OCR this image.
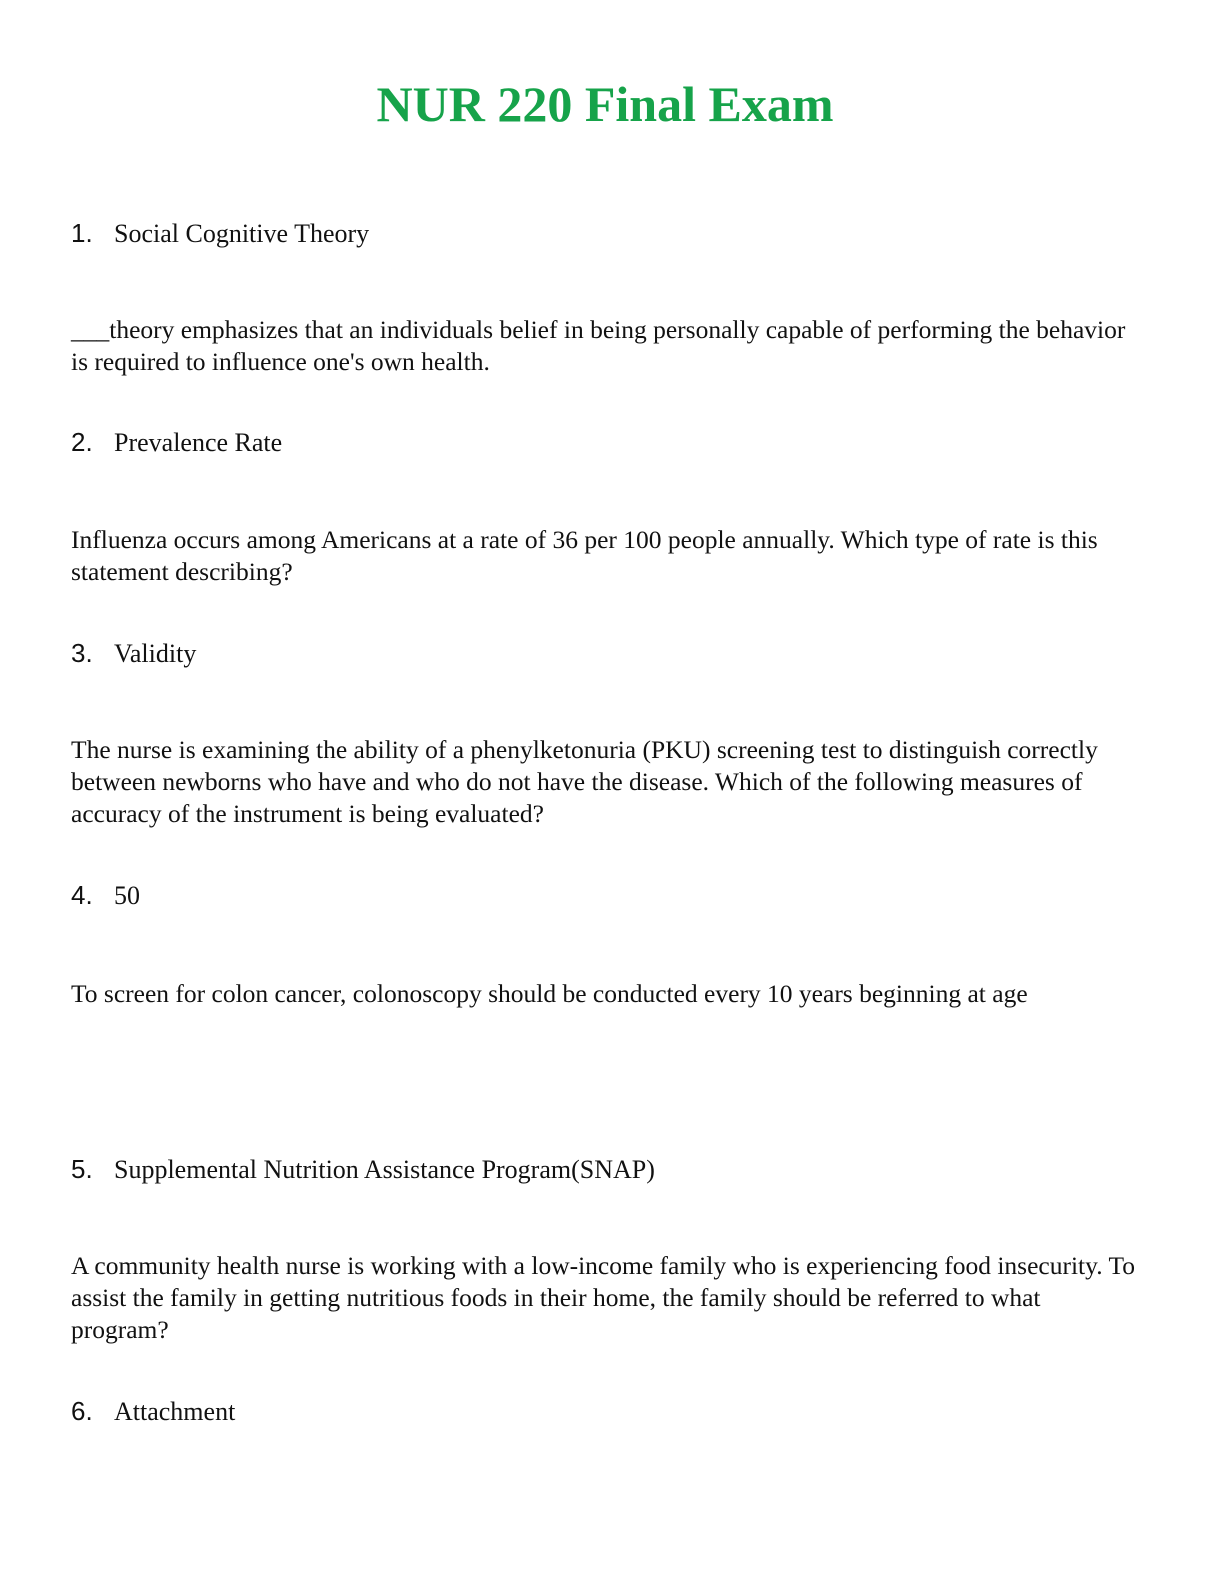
NUR 220 Final Exam
1. Social Cognitive Theory

___theory emphasizes that an individuals belief in being personally capable of performing the behavior is required to influence one's own health.

2. Prevalence Rate

Influenza occurs among Americans at a rate of 36 per 100 people annually. Which type of rate is this statement describing?

3. Validity

The nurse is examining the ability of a phenylketonuria (PKU) screening test to distinguish correctly between newborns who have and who do not have the disease. Which of the following measures of accuracy of the instrument is being evaluated?

4. 50

To screen for colon cancer, colonoscopy should be conducted every 10 years beginning at age

5. Supplemental Nutrition Assistance Program(SNAP)

A community health nurse is working with a low-income family who is experiencing food insecurity. To assist the family in getting nutritious foods in their home, the family should be referred to what program?

6. Attachment
